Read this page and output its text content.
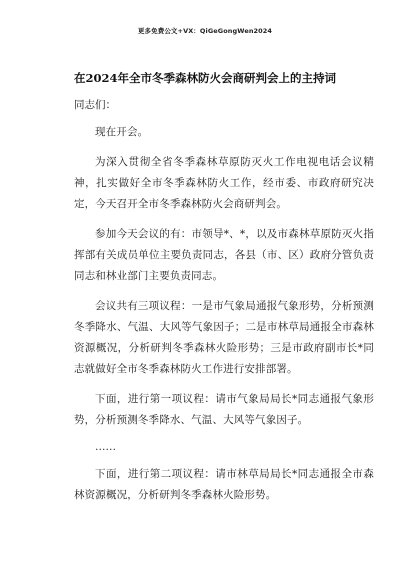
更多免费公文+VX：QiGeGongWen2024
在2024年全市冬季森林防火会商研判会上的主持词

同志们：

现在开会。

为深入贯彻全省冬季森林草原防灭火工作电视电话会议精神，扎实做好全市冬季森林防火工作，经市委、市政府研究决定，今天召开全市冬季森林防火会商研判会。

参加今天会议的有：市领导*、*，以及市森林草原防灭火指挥部有关成员单位主要负责同志，各县（市、区）政府分管负责同志和林业部门主要负责同志。

会议共有三项议程：一是市气象局通报气象形势，分析预测冬季降水、气温、大风等气象因子；二是市林草局通报全市森林资源概况，分析研判冬季森林火险形势；三是市政府副市长*同志就做好全市冬季森林防火工作进行安排部署。

下面，进行第一项议程：请市气象局局长*同志通报气象形势，分析预测冬季降水、气温、大风等气象因子。

……

下面，进行第二项议程：请市林草局局长*同志通报全市森林资源概况，分析研判冬季森林火险形势。
